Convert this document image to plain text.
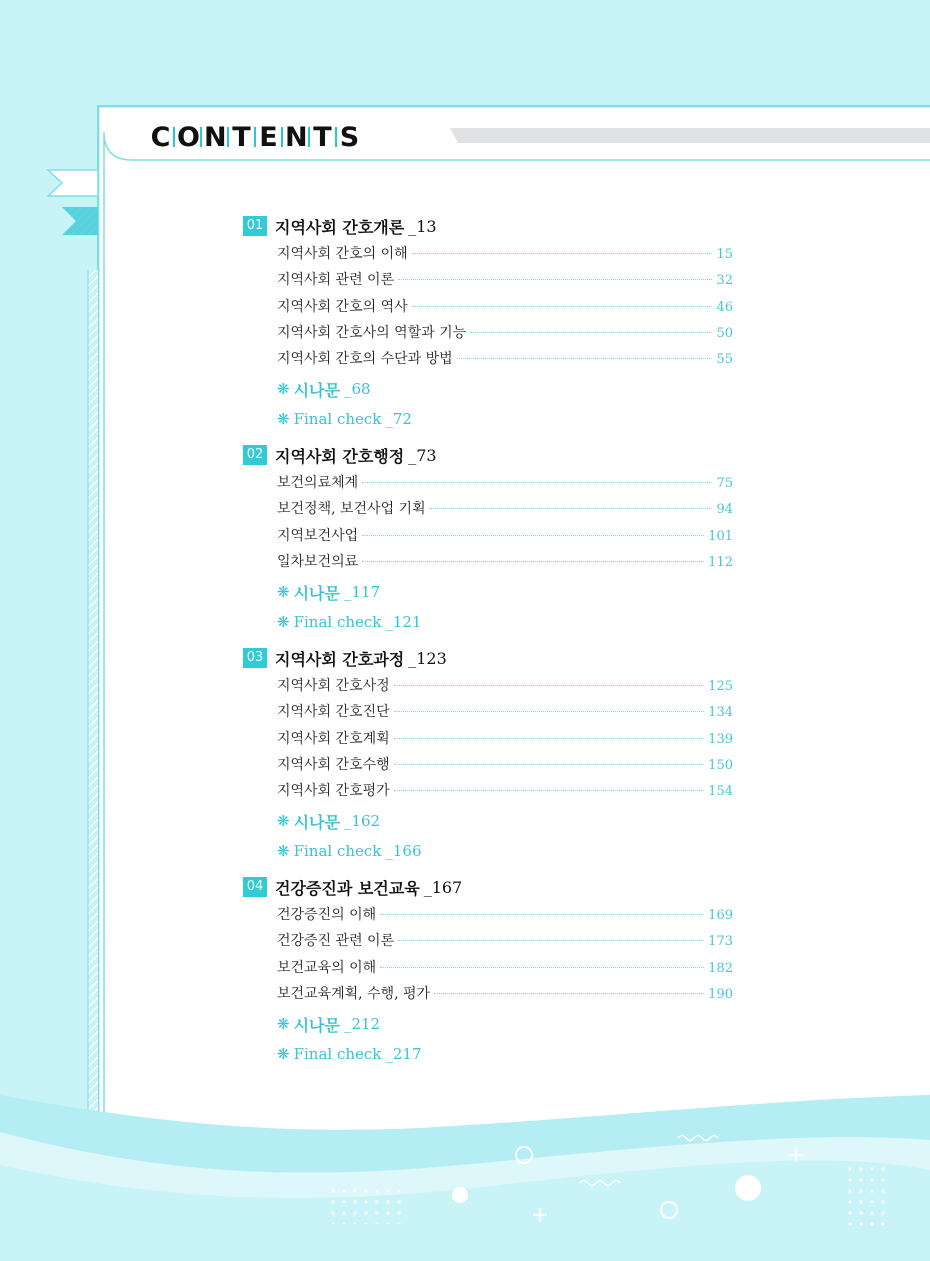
C O N T E N T S
01 지역사회 간호개론 _13
지역사회 간호의 이해	15
지역사회 관련 이론	32
지역사회 간호의 역사	46
지역사회 간호사의 역할과 기능	50
지역사회 간호의 수단과 방법	55
❋ 시나문 _68
❋ Final check _72
02 지역사회 간호행정 _73
보건의료체계	75
보건정책, 보건사업 기획	94
지역보건사업	101
일차보건의료	112
❋ 시나문 _117
❋ Final check _121
03 지역사회 간호과정 _123
지역사회 간호사정	125
지역사회 간호진단	134
지역사회 간호계획	139
지역사회 간호수행	150
지역사회 간호평가	154
❋ 시나문 _162
❋ Final check _166
04 건강증진과 보건교육 _167
건강증진의 이해	169
건강증진 관련 이론	173
보건교육의 이해	182
보건교육계획, 수행, 평가	190
❋ 시나문 _212
❋ Final check _217
